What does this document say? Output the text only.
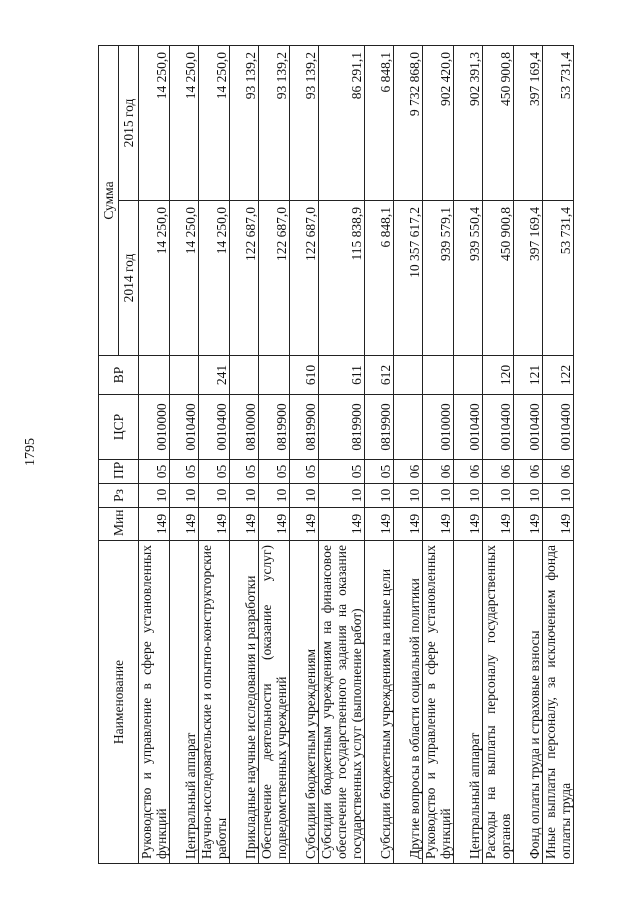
1795
Наименование	Мин	Рз	ПР	ЦСР	ВР	Сумма	
						2014 год	2015 год
Руководство и управление в сфере установленных функций	149	10	05	0010000		14 250,0	14 250,0
Центральный аппарат	149	10	05	0010400		14 250,0	14 250,0
Научно-исследовательские и опытно-конструкторские работы	149	10	05	0010400	241	14 250,0	14 250,0
Прикладные научные исследования и разработки	149	10	05	0810000		122 687,0	93 139,2
Обеспечение деятельности (оказание услуг) подведомственных учреждений	149	10	05	0819900		122 687,0	93 139,2
Субсидии бюджетным учреждениям	149	10	05	0819900	610	122 687,0	93 139,2
Субсидии бюджетным учреждениям на финансовое обеспечение государственного задания на оказание государственных услуг (выполнение работ)	149	10	05	0819900	611	115 838,9	86 291,1
Субсидии бюджетным учреждениям на иные цели	149	10	05	0819900	612	6 848,1	6 848,1
Другие вопросы в области социальной политики	149	10	06			10 357 617,2	9 732 868,0
Руководство и управление в сфере установленных функций	149	10	06	0010000		939 579,1	902 420,0
Центральный аппарат	149	10	06	0010400		939 550,4	902 391,3
Расходы на выплаты персоналу государственных органов	149	10	06	0010400	120	450 900,8	450 900,8
Фонд оплаты труда и страховые взносы	149	10	06	0010400	121	397 169,4	397 169,4
Иные выплаты персоналу, за исключением фонда оплаты труда	149	10	06	0010400	122	53 731,4	53 731,4
